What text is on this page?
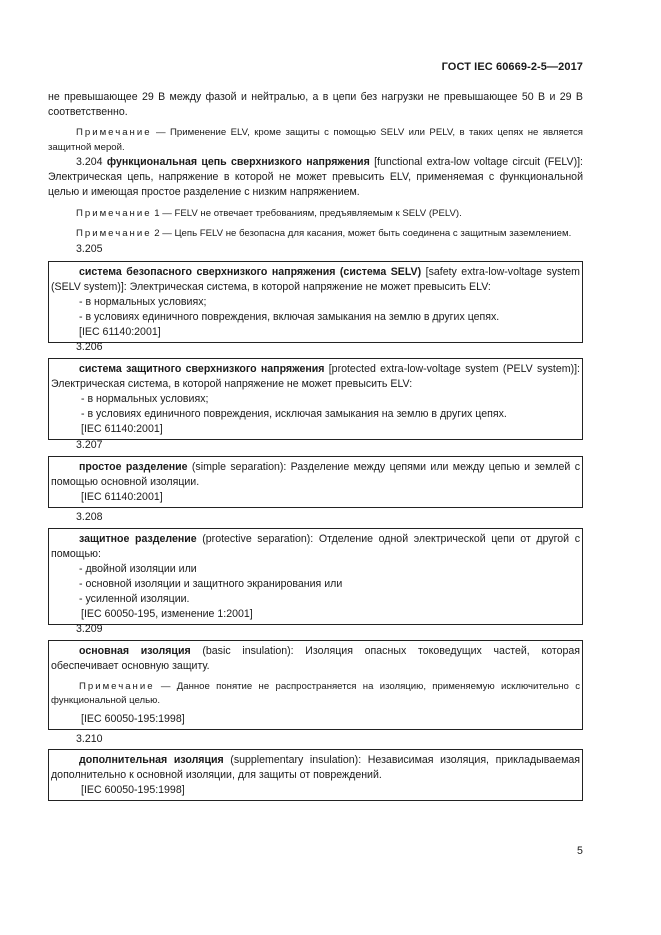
ГОСТ IEC 60669-2-5—2017

не превышающее 29 В между фазой и нейтралью, а в цепи без нагрузки не превышающее 50 В и 29 В соответственно.

Примечание — Применение ELV, кроме защиты с помощью SELV или PELV, в таких цепях не является защитной мерой.

3.204 функциональная цепь сверхнизкого напряжения [functional extra-low voltage circuit (FELV)]: Электрическая цепь, напряжение в которой не может превысить ELV, применяемая с функциональной целью и имеющая простое разделение с низким напряжением.

Примечание 1 — FELV не отвечает требованиям, предъявляемым к SELV (PELV).

Примечание 2 — Цепь FELV не безопасна для касания, может быть соединена с защитным заземлением.

3.205

система безопасного сверхнизкого напряжения (система SELV) [safety extra-low-voltage system (SELV system)]: Электрическая система, в которой напряжение не может превысить ELV:

- в нормальных условиях;

- в условиях единичного повреждения, включая замыкания на землю в других цепях.

[IEC 61140:2001]

3.206

система защитного сверхнизкого напряжения [protected extra-low-voltage system (PELV system)]: Электрическая система, в которой напряжение не может превысить ELV:

- в нормальных условиях;

- в условиях единичного повреждения, исключая замыкания на землю в других цепях.

[IEC 61140:2001]

3.207

простое разделение (simple separation): Разделение между цепями или между цепью и землей с помощью основной изоляции.

[IEC 61140:2001]

3.208

защитное разделение (protective separation): Отделение одной электрической цепи от другой с помощью:

- двойной изоляции или

- основной изоляции и защитного экранирования или

- усиленной изоляции.

[IEC 60050-195, изменение 1:2001]

3.209

основная изоляция (basic insulation): Изоляция опасных токоведущих частей, которая обеспечивает основную защиту.

Примечание — Данное понятие не распространяется на изоляцию, применяемую исключительно с функциональной целью.

[IEC 60050-195:1998]

3.210

дополнительная изоляция (supplementary insulation): Независимая изоляция, прикладываемая дополнительно к основной изоляции, для защиты от повреждений.

[IEC 60050-195:1998]

5
